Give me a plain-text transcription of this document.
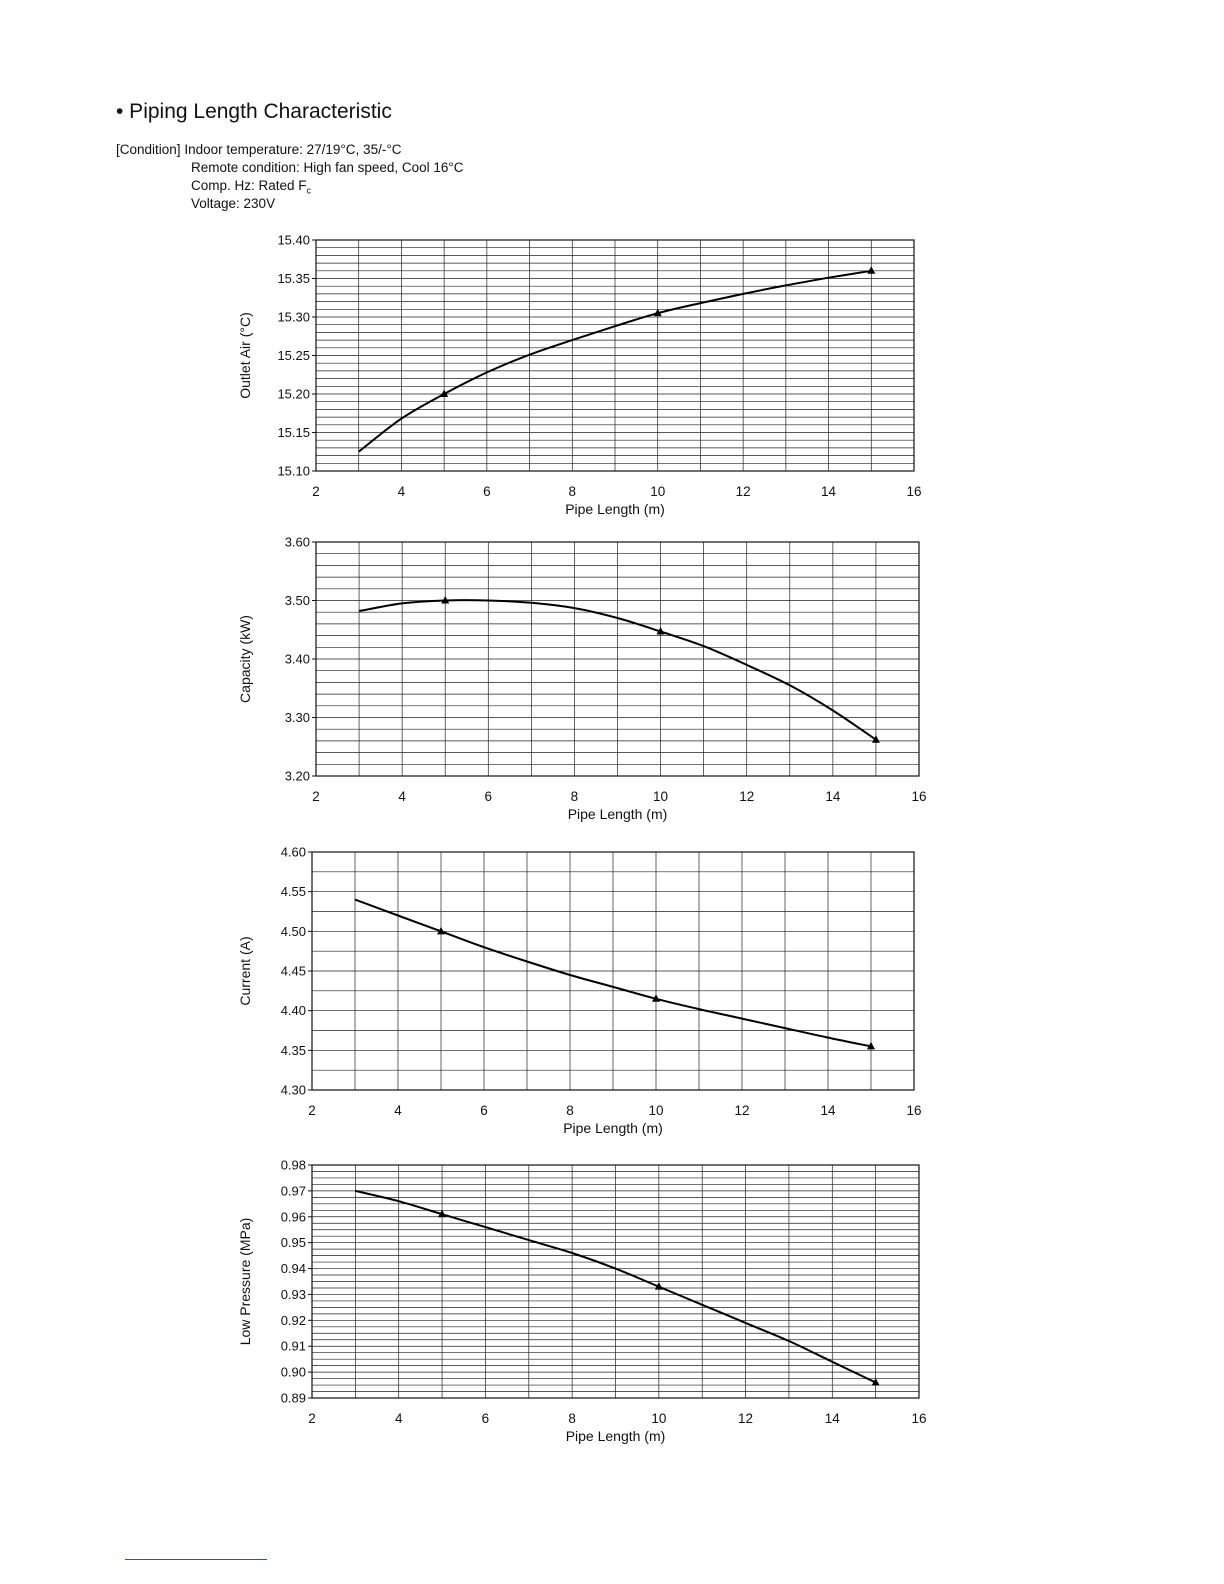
• Piping Length Characteristic
[Condition] Indoor temperature: 27/19°C, 35/-°C
Remote condition: High fan speed, Cool 16°C
Comp. Hz: Rated $F_c$
Voltage: 230V
15.10
15.15
15.20
15.25
15.30
15.35
15.40
2	4	6	8	10	12	14	16
Pipe Length (m)
Outlet Air (°C)
3.20
3.30
3.40
3.50
3.60
2	4	6	8	10	12	14	16
Pipe Length (m)
Capacity (kW)
4.30
4.35
4.40
4.45
4.50
4.55
4.60
2	4	6	8	10	12	14	16
Pipe Length (m)
Current (A)
0.89
0.90
0.91
0.92
0.93
0.94
0.95
0.96
0.97
0.98
2	4	6	8	10	12	14	16
Pipe Length (m)
Low Pressure (MPa)
